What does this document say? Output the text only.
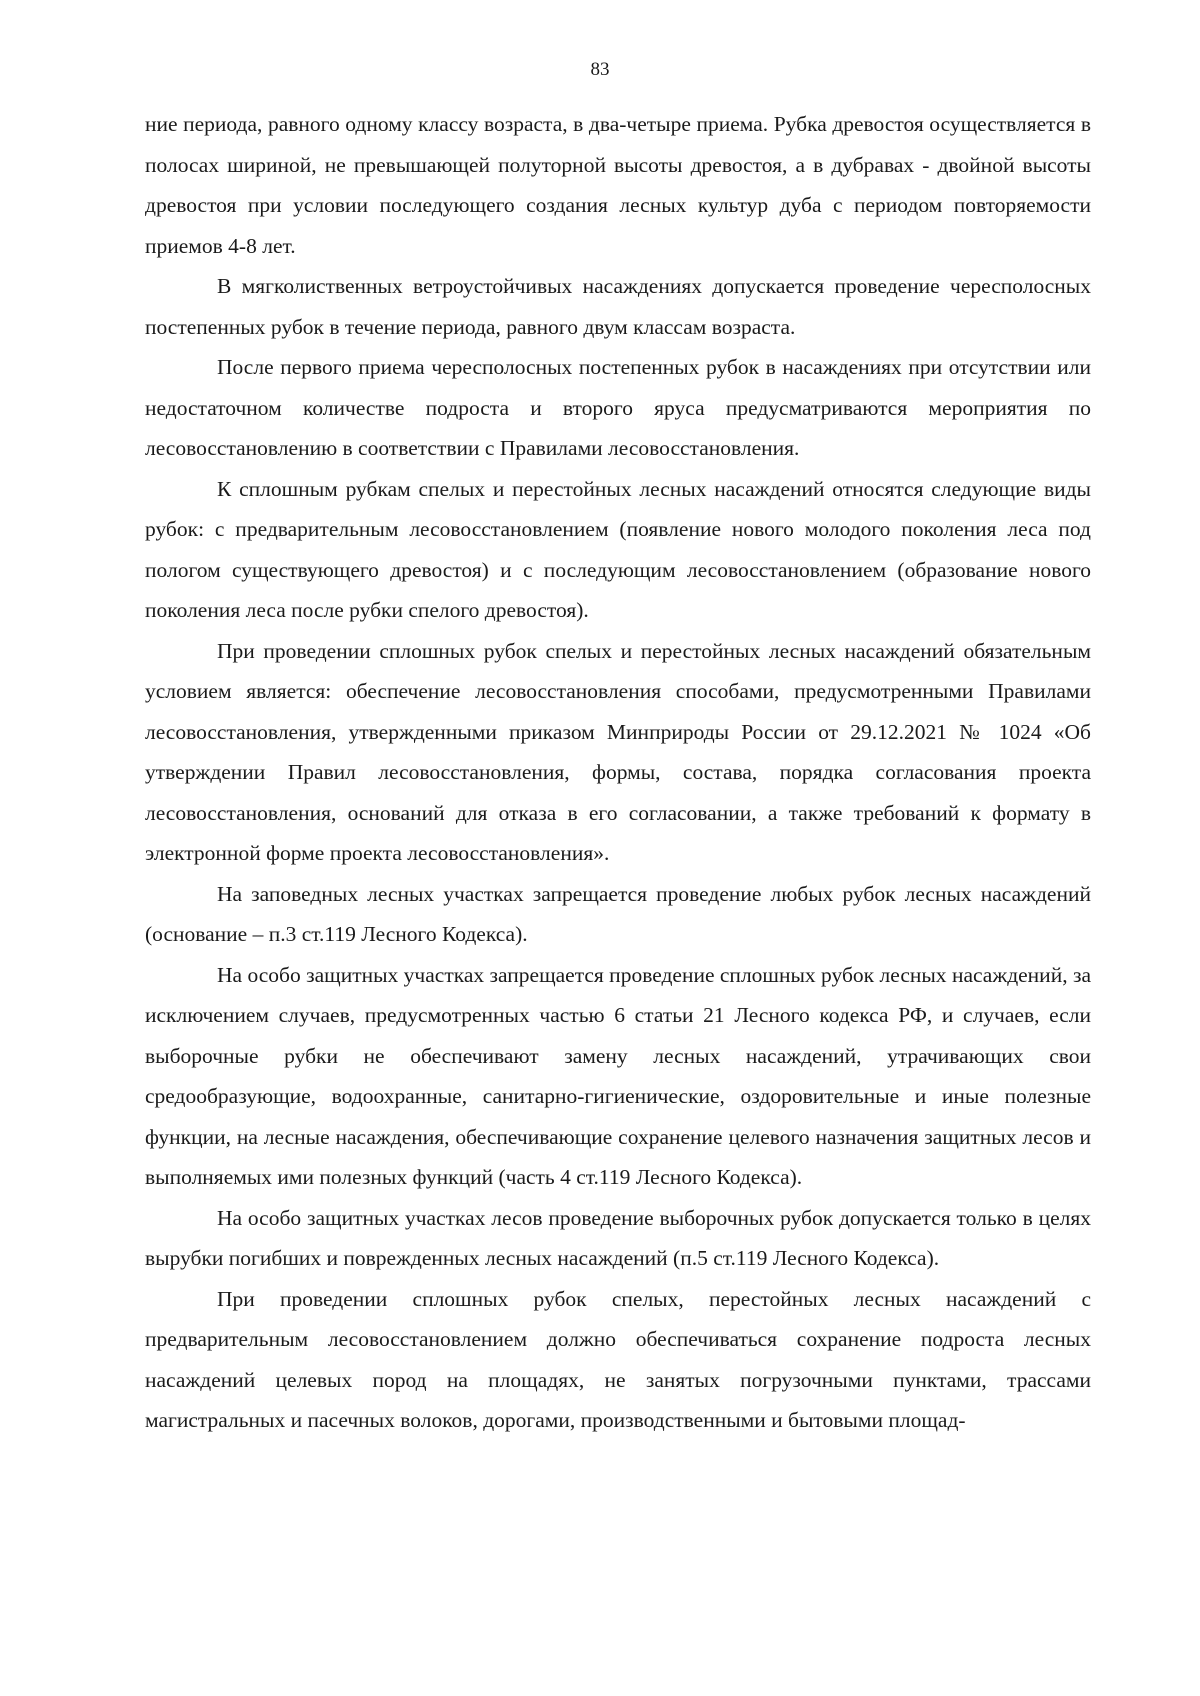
83

ние периода, равного одному классу возраста, в два-четыре приема. Рубка древостоя осуществляется в полосах шириной, не превышающей полуторной высоты древостоя, а в дубравах - двойной высоты древостоя при условии последующего создания лесных культур дуба с периодом повторяемости приемов 4-8 лет.

В мягколиственных ветроустойчивых насаждениях допускается проведение чересполосных постепенных рубок в течение периода, равного двум классам возраста.

После первого приема чересполосных постепенных рубок в насаждениях при отсутствии или недостаточном количестве подроста и второго яруса предусматриваются мероприятия по лесовосстановлению в соответствии с Правилами лесовосстановления.

К сплошным рубкам спелых и перестойных лесных насаждений относятся следующие виды рубок: с предварительным лесовосстановлением (появление нового молодого поколения леса под пологом существующего древостоя) и с последующим лесовосстановлением (образование нового поколения леса после рубки спелого древостоя).

При проведении сплошных рубок спелых и перестойных лесных насаждений обязательным условием является: обеспечение лесовосстановления способами, предусмотренными Правилами лесовосстановления, утвержденными приказом Минприроды России от 29.12.2021 № 1024 «Об утверждении Правил лесовосстановления, формы, состава, порядка согласования проекта лесовосстановления, оснований для отказа в его согласовании, а также требований к формату в электронной форме проекта лесовосстановления».

На заповедных лесных участках запрещается проведение любых рубок лесных насаждений (основание – п.3 ст.119 Лесного Кодекса).

На особо защитных участках запрещается проведение сплошных рубок лесных насаждений, за исключением случаев, предусмотренных частью 6 статьи 21 Лесного кодекса РФ, и случаев, если выборочные рубки не обеспечивают замену лесных насаждений, утрачивающих свои средообразующие, водоохранные, санитарно-гигиенические, оздоровительные и иные полезные функции, на лесные насаждения, обеспечивающие сохранение целевого назначения защитных лесов и выполняемых ими полезных функций (часть 4 ст.119 Лесного Кодекса).

На особо защитных участках лесов проведение выборочных рубок допускается только в целях вырубки погибших и поврежденных лесных насаждений (п.5 ст.119 Лесного Кодекса).

При проведении сплошных рубок спелых, перестойных лесных насаждений с предварительным лесовосстановлением должно обеспечиваться сохранение подроста лесных насаждений целевых пород на площадях, не занятых погрузочными пунктами, трассами магистральных и пасечных волоков, дорогами, производственными и бытовыми площад-
